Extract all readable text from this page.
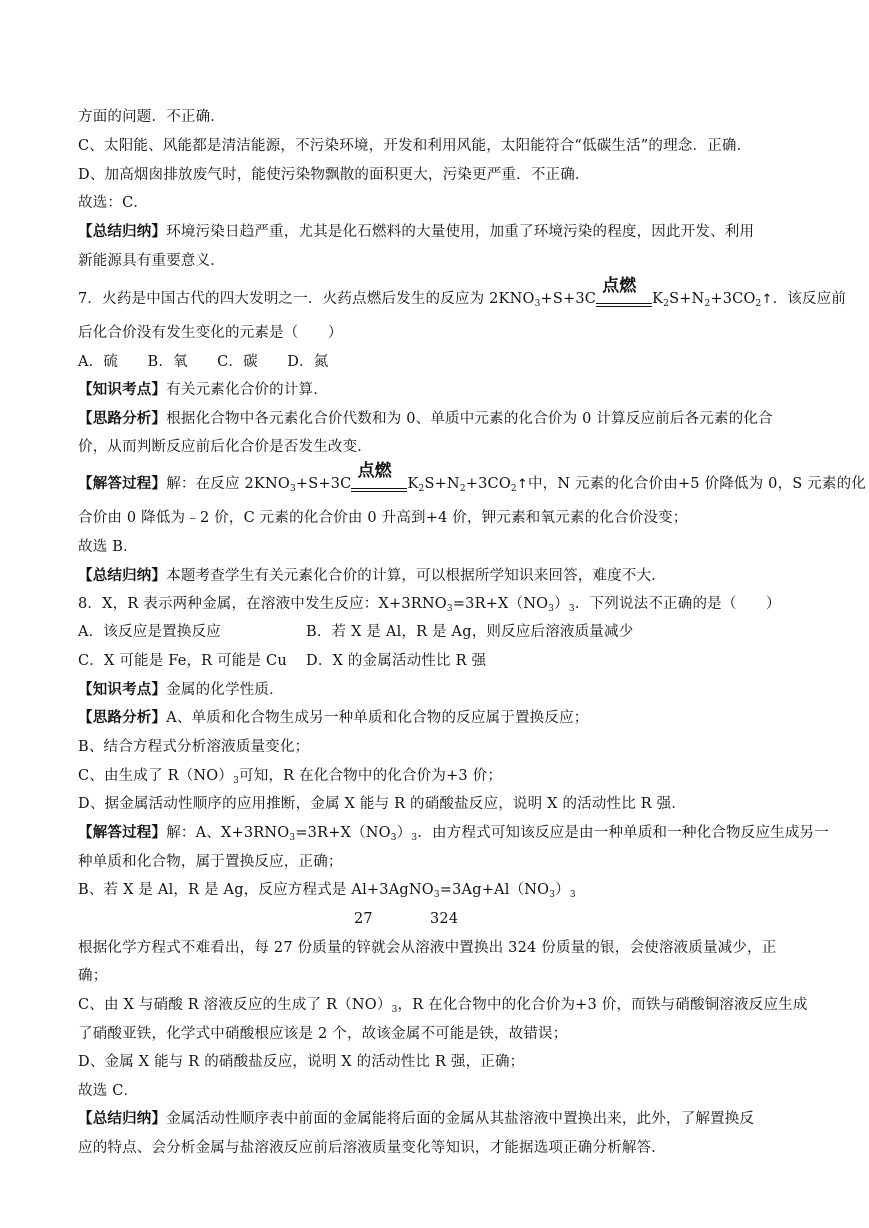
方面的问题．不正确．
C、太阳能、风能都是清洁能源，不污染环境，开发和利用风能，太阳能符合“低碳生活”的理念．正确．
D、加高烟囱排放废气时，能使污染物飘散的面积更大，污染更严重．不正确．
故选：C．
【总结归纳】环境污染日趋严重，尤其是化石燃料的大量使用，加重了环境污染的程度，因此开发、利用
新能源具有重要意义．
7．火药是中国古代的四大发明之一．火药点燃后发生的反应为 $2KNO_3+S+3C$
点燃
$K_2S+N_2+3CO_2↑$．该反应前
后化合价没有发生变化的元素是（　　）
A．硫　　B．氧　　C．碳　　D．氮
【知识考点】有关元素化合价的计算．
【思路分析】根据化合物中各元素化合价代数和为 0、单质中元素的化合价为 0 计算反应前后各元素的化合
价，从而判断反应前后化合价是否发生改变．
【解答过程】解：在反应 $2KNO_3+S+3C$
点燃
$K_2S+N_2+3CO_2↑$中，N 元素的化合价由+5 价降低为 0，S 元素的化
合价由 0 降低为﹣2 价，C 元素的化合价由 0 升高到+4 价，钾元素和氧元素的化合价没变；
故选 B．
【总结归纳】本题考查学生有关元素化合价的计算，可以根据所学知识来回答，难度不大．
8．X，R 表示两种金属，在溶液中发生反应：$X+3RNO_3=3R+X(NO_3)_3$．下列说法不正确的是（　　）
A．该反应是置换反应	B．若 X 是 Al，R 是 Ag，则反应后溶液质量减少
C．X 可能是 Fe，R 可能是 Cu D．X 的金属活动性比 R 强
【知识考点】金属的化学性质．
【思路分析】A、单质和化合物生成另一种单质和化合物的反应属于置换反应；
B、结合方程式分析溶液质量变化；
C、由生成了 $R(NO)_3$可知，R 在化合物中的化合价为+3 价；
D、据金属活动性顺序的应用推断，金属 X 能与 R 的硝酸盐反应，说明 X 的活动性比 R 强．
【解答过程】解：A、$X+3RNO_3=3R+X(NO_3)_3$．由方程式可知该反应是由一种单质和一种化合物反应生成另一
种单质和化合物，属于置换反应，正确；
B、若 X 是 Al，R 是 Ag，反应方程式是 $Al+3AgNO_3=3Ag+Al(NO_3)_3$
27	324
根据化学方程式不难看出，每 27 份质量的锌就会从溶液中置换出 324 份质量的银，会使溶液质量减少，正
确；
C、由 X 与硝酸 R 溶液反应的生成了 $R(NO)_3$，R 在化合物中的化合价为+3 价，而铁与硝酸铜溶液反应生成
了硝酸亚铁，化学式中硝酸根应该是 2 个，故该金属不可能是铁，故错误；
D、金属 X 能与 R 的硝酸盐反应，说明 X 的活动性比 R 强，正确；
故选 C．
【总结归纳】金属活动性顺序表中前面的金属能将后面的金属从其盐溶液中置换出来，此外，了解置换反
应的特点、会分析金属与盐溶液反应前后溶液质量变化等知识，才能据选项正确分析解答．
